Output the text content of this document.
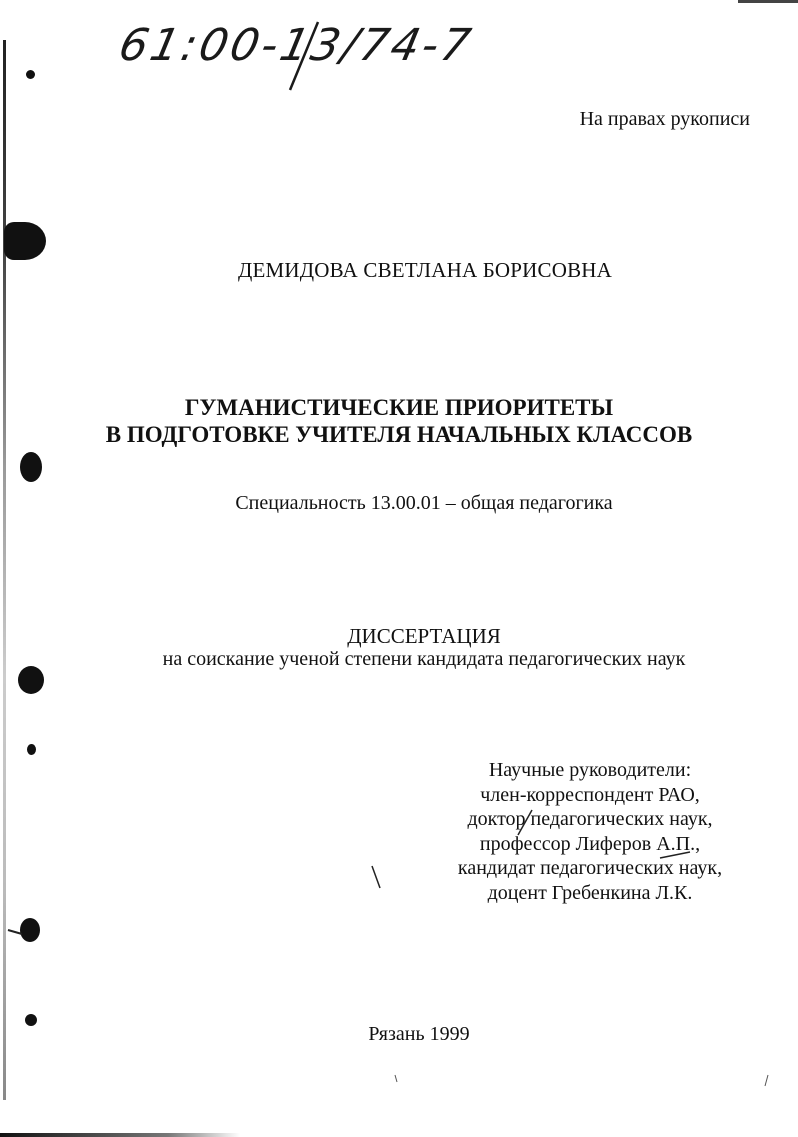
61:00-13/74-7
На правах рукописи
ДЕМИДОВА СВЕТЛАНА БОРИСОВНА
ГУМАНИСТИЧЕСКИЕ ПРИОРИТЕТЫ
В ПОДГОТОВКЕ УЧИТЕЛЯ НАЧАЛЬНЫХ КЛАССОВ
Специальность 13.00.01 – общая педагогика
ДИССЕРТАЦИЯ
на соискание ученой степени кандидата педагогических наук
Научные руководители:
член-корреспондент РАО,
доктор педагогических наук,
профессор Лиферов А.П.,
кандидат педагогических наук,
доцент Гребенкина Л.К.
Рязань 1999
